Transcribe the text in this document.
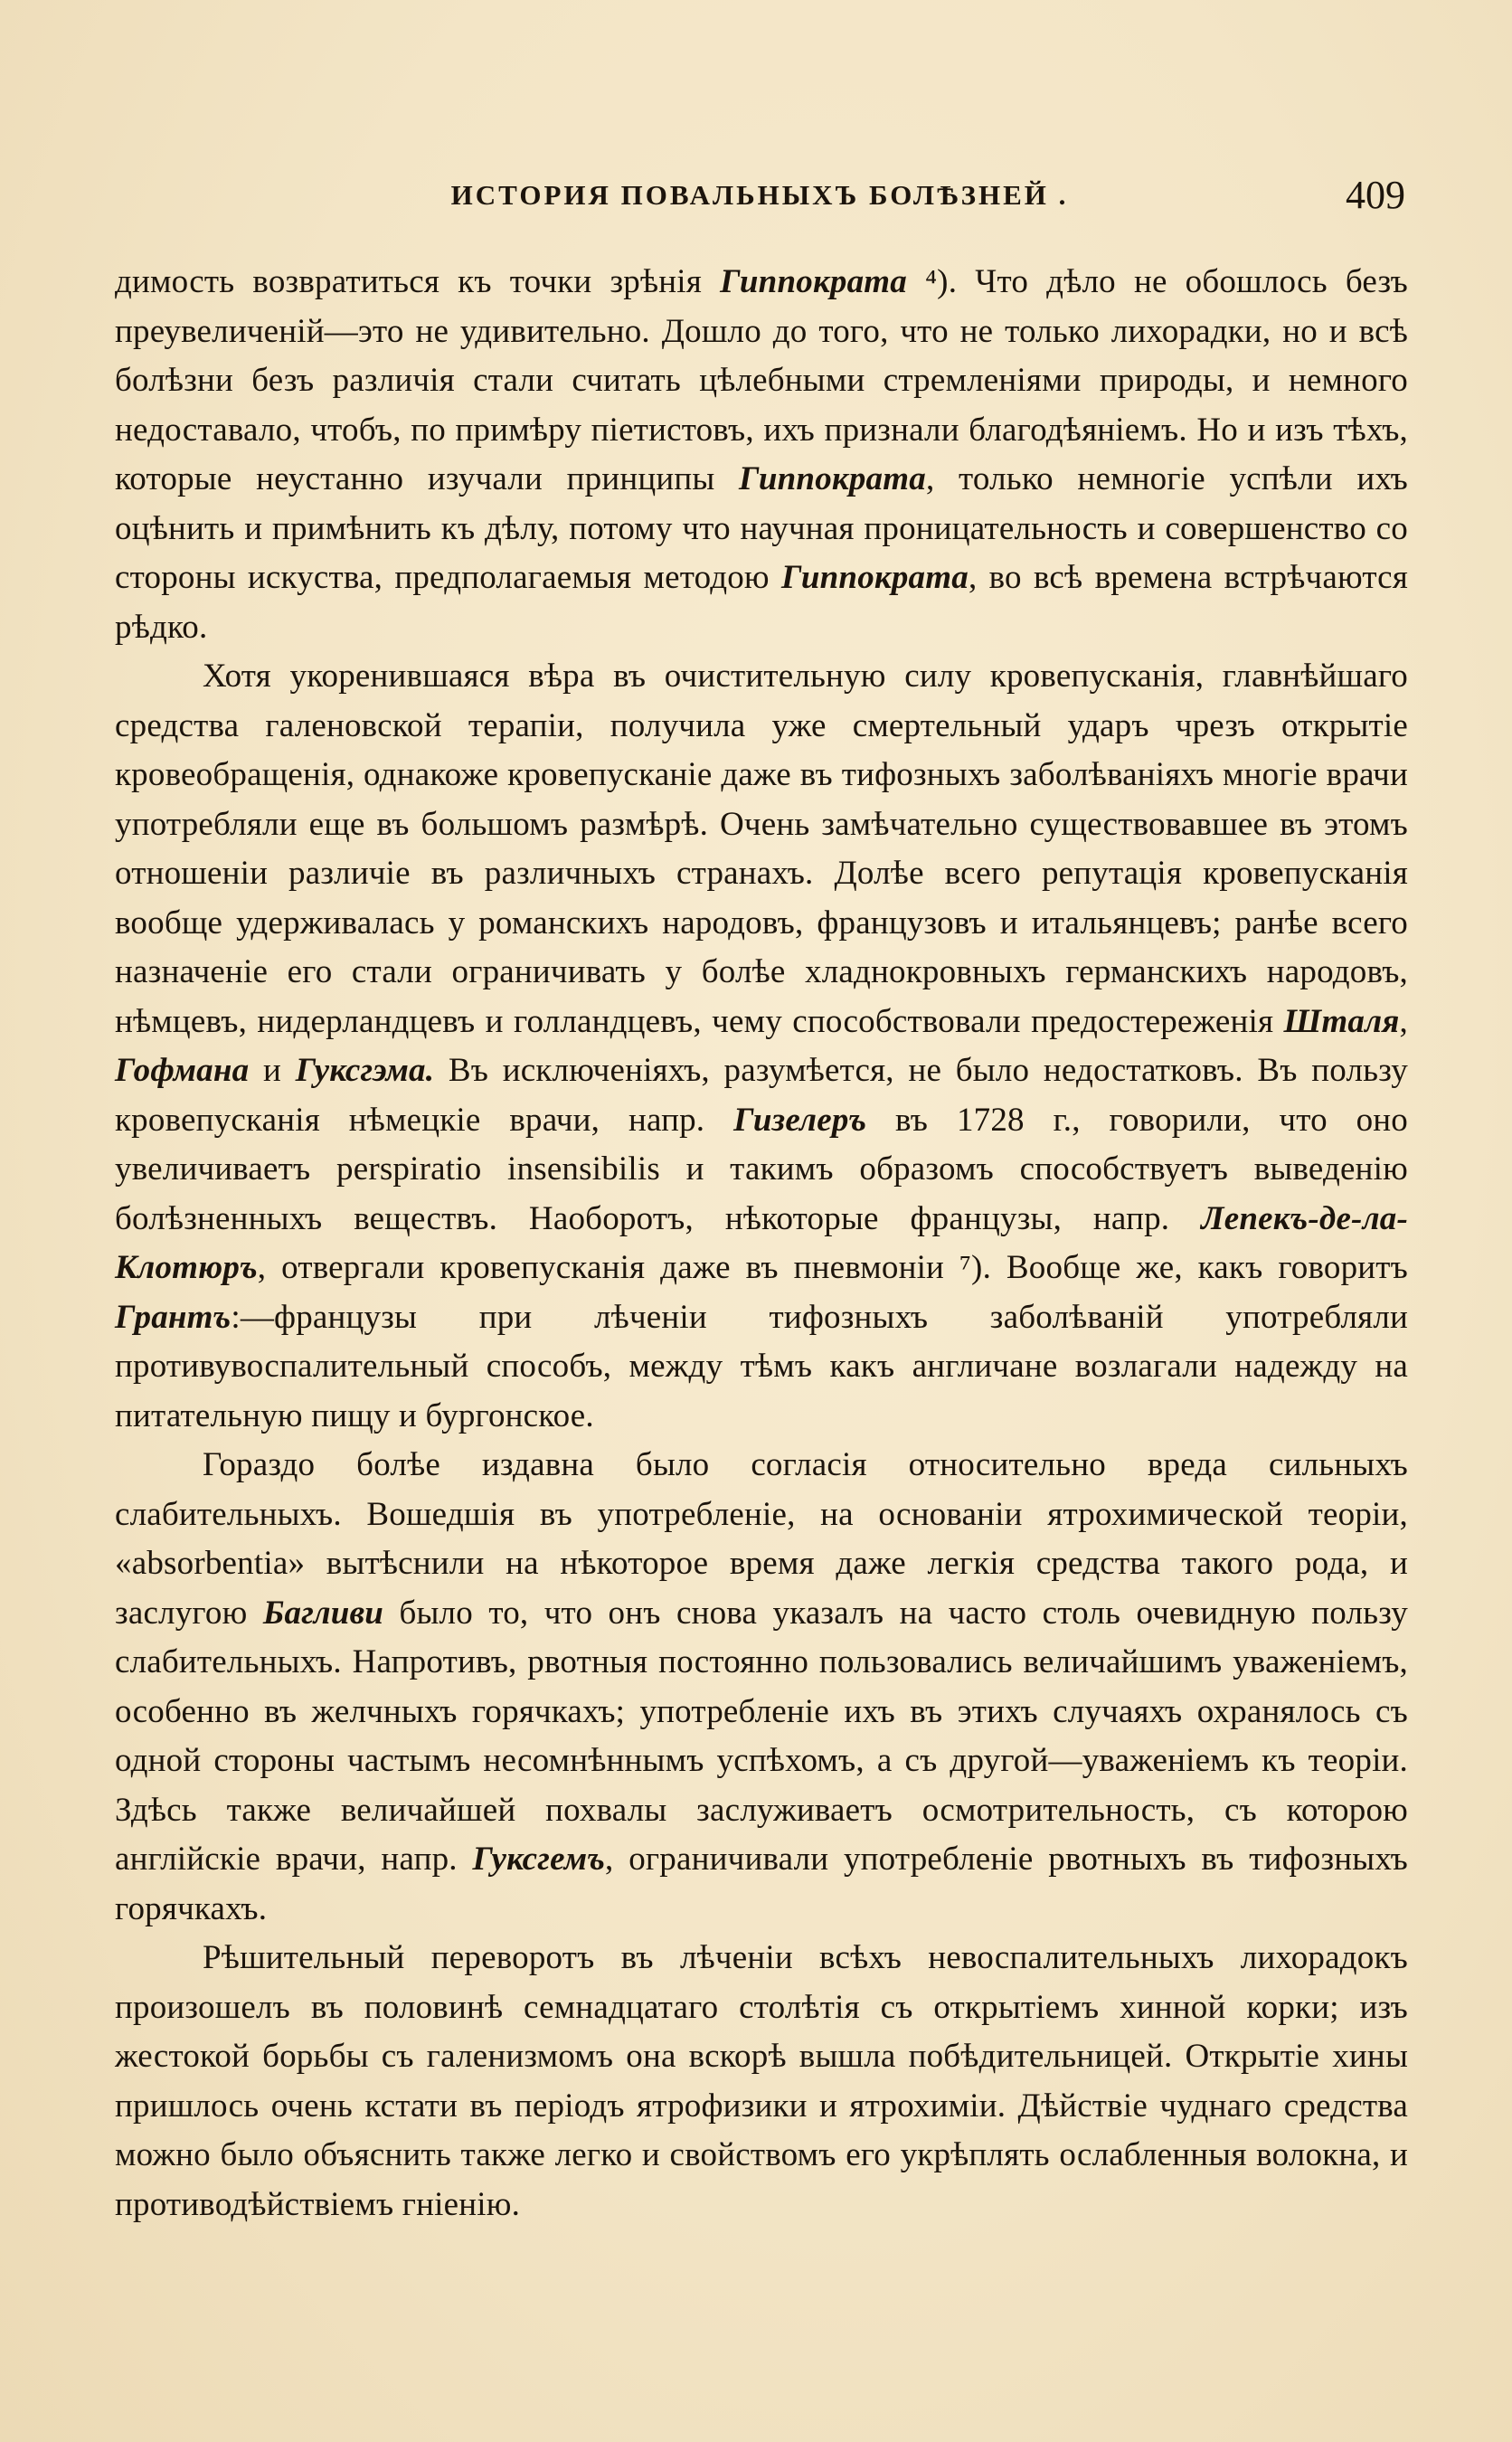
ИСТОРИЯ ПОВАЛЬНЫХЪ БОЛѢЗНЕЙ .	409

димость возвратиться къ точки зрѣнія Гиппократа ⁴). Что дѣло не обошлось безъ преувеличеній—это не удивительно. Дошло до того, что не только лихорадки, но и всѣ болѣзни безъ различія стали считать цѣлебными стремленіями природы, и немного недоставало, чтобъ, по примѣру піетистовъ, ихъ признали благодѣяніемъ. Но и изъ тѣхъ, которые неустанно изучали принципы Гиппократа, только немногіе успѣли ихъ оцѣнить и примѣнить къ дѣлу, потому что научная проницательность и совершенство со стороны искуства, предполагаемыя методою Гиппократа, во всѣ времена встрѣчаются рѣдко.

Хотя укоренившаяся вѣра въ очистительную силу кровепусканія, главнѣйшаго средства галеновской терапіи, получила уже смертельный ударъ чрезъ открытіе кровеобращенія, однакоже кровепусканіе даже въ тифозныхъ заболѣваніяхъ многіе врачи употребляли еще въ большомъ размѣрѣ. Очень замѣчательно существовавшее въ этомъ отношеніи различіе въ различныхъ странахъ. Долѣе всего репутація кровепусканія вообще удерживалась у романскихъ народовъ, французовъ и итальянцевъ; ранѣе всего назначеніе его стали ограничивать у болѣе хладнокровныхъ германскихъ народовъ, нѣмцевъ, нидерландцевъ и голландцевъ, чему способствовали предостереженія Шталя, Гофмана и Гуксгэма. Въ исключеніяхъ, разумѣется, не было недостатковъ. Въ пользу кровепусканія нѣмецкіе врачи, напр. Гизелеръ въ 1728 г., говорили, что оно увеличиваетъ perspiratio insensibilis и такимъ образомъ способствуетъ выведенію болѣзненныхъ веществъ. Наоборотъ, нѣкоторые французы, напр. Лепекъ-де-ла-Клотюръ, отвергали кровепусканія даже въ пневмоніи ⁷). Вообще же, какъ говоритъ Грантъ:—французы при лѣченіи тифозныхъ заболѣваній употребляли противувоспалительный способъ, между тѣмъ какъ англичане возлагали надежду на питательную пищу и бургонское.

Гораздо болѣе издавна было согласія относительно вреда сильныхъ слабительныхъ. Вошедшія въ употребленіе, на основаніи ятрохимической теоріи, «absorbentia» вытѣснили на нѣкоторое время даже легкія средства такого рода, и заслугою Багливи было то, что онъ снова указалъ на часто столь очевидную пользу слабительныхъ. Напротивъ, рвотныя постоянно пользовались величайшимъ уваженіемъ, особенно въ желчныхъ горячкахъ; употребленіе ихъ въ этихъ случаяхъ охранялось съ одной стороны частымъ несомнѣннымъ успѣхомъ, а съ другой—уваженіемъ къ теоріи. Здѣсь также величайшей похвалы заслуживаетъ осмотрительность, съ которою англійскіе врачи, напр. Гуксгемъ, ограничивали употребленіе рвотныхъ въ тифозныхъ горячкахъ.

Рѣшительный переворотъ въ лѣченіи всѣхъ невоспалительныхъ лихорадокъ произошелъ въ половинѣ семнадцатаго столѣтія съ открытіемъ хинной корки; изъ жестокой борьбы съ галенизмомъ она вскорѣ вышла побѣдительницей. Открытіе хины пришлось очень кстати въ періодъ ятрофизики и ятрохиміи. Дѣйствіе чуднаго средства можно было объяснить также легко и свойствомъ его укрѣплять ослабленныя волокна, и противодѣйствіемъ гніенію.
